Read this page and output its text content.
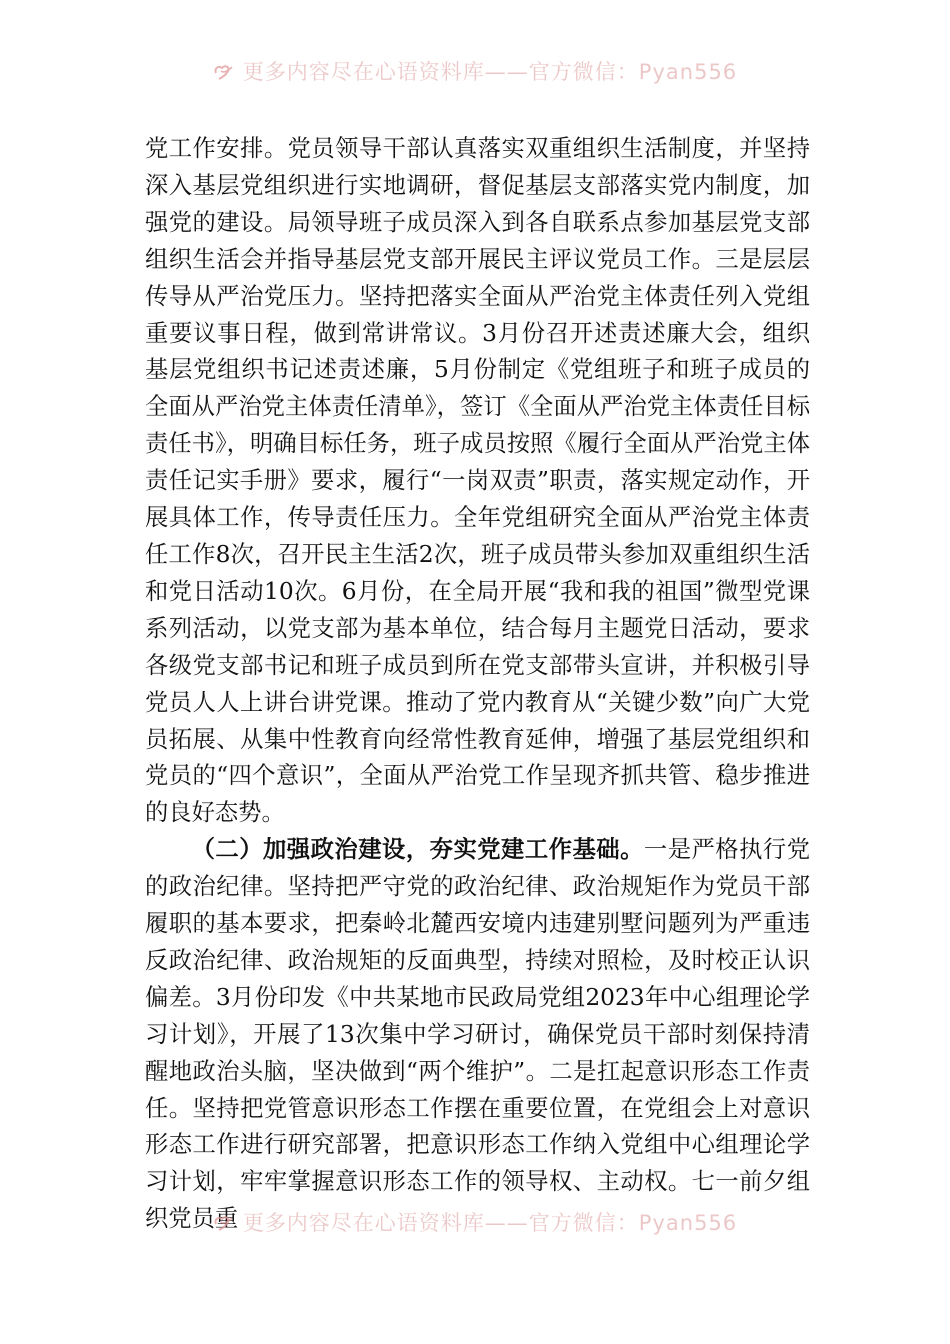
更多内容尽在心语资料库——官方微信：Pyan556

党工作安排。党员领导干部认真落实双重组织生活制度，并坚持深入基层党组织进行实地调研，督促基层支部落实党内制度，加强党的建设。局领导班子成员深入到各自联系点参加基层党支部组织生活会并指导基层党支部开展民主评议党员工作。三是层层传导从严治党压力。坚持把落实全面从严治党主体责任列入党组重要议事日程，做到常讲常议。3月份召开述责述廉大会，组织基层党组织书记述责述廉，5月份制定《党组班子和班子成员的全面从严治党主体责任清单》，签订《全面从严治党主体责任目标责任书》，明确目标任务，班子成员按照《履行全面从严治党主体责任记实手册》要求，履行“一岗双责”职责，落实规定动作，开展具体工作，传导责任压力。全年党组研究全面从严治党主体责任工作8次，召开民主生活2次，班子成员带头参加双重组织生活和党日活动10次。6月份，在全局开展“我和我的祖国”微型党课系列活动，以党支部为基本单位，结合每月主题党日活动，要求各级党支部书记和班子成员到所在党支部带头宣讲，并积极引导党员人人上讲台讲党课。推动了党内教育从“关键少数”向广大党员拓展、从集中性教育向经常性教育延伸，增强了基层党组织和党员的“四个意识”，全面从严治党工作呈现齐抓共管、稳步推进的良好态势。

（二）加强政治建设，夯实党建工作基础。一是严格执行党的政治纪律。坚持把严守党的政治纪律、政治规矩作为党员干部履职的基本要求，把秦岭北麓西安境内违建别墅问题列为严重违反政治纪律、政治规矩的反面典型，持续对照检，及时校正认识偏差。3月份印发《中共某地市民政局党组2023年中心组理论学习计划》，开展了13次集中学习研讨，确保党员干部时刻保持清醒地政治头脑，坚决做到“两个维护”。二是扛起意识形态工作责任。坚持把党管意识形态工作摆在重要位置，在党组会上对意识形态工作进行研究部署，把意识形态工作纳入党组中心组理论学习计划，牢牢掌握意识形态工作的领导权、主动权。七一前夕组织党员重 更多内容尽在心语资料库——官方微信：Pyan556
